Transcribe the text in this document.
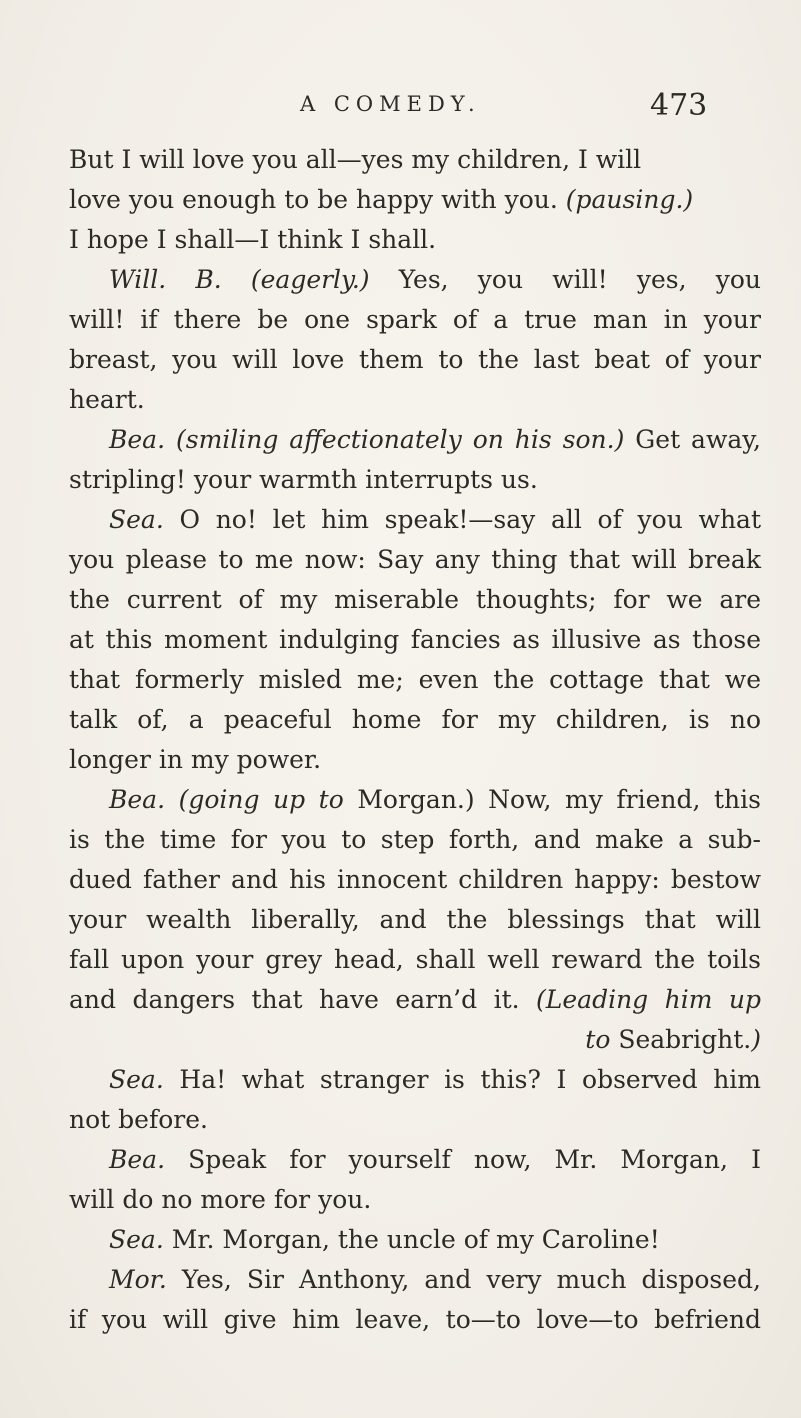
A COMEDY.	473
But I will love you all—yes my children, I will
love you enough to be happy with you. (pausing.)
I hope I shall—I think I shall.
Will. B. (eagerly.) Yes, you will! yes, you
will! if there be one spark of a true man in your
breast, you will love them to the last beat of your
heart.
Bea. (smiling affectionately on his son.) Get away,
stripling! your warmth interrupts us.
Sea. O no! let him speak!—say all of you what
you please to me now: Say any thing that will break
the current of my miserable thoughts; for we are
at this moment indulging fancies as illusive as those
that formerly misled me; even the cottage that we
talk of, a peaceful home for my children, is no
longer in my power.
Bea. (going up to Morgan.) Now, my friend, this
is the time for you to step forth, and make a sub-
dued father and his innocent children happy: bestow
your wealth liberally, and the blessings that will
fall upon your grey head, shall well reward the toils
and dangers that have earn’d it. (Leading him up
to Seabright.)
Sea. Ha! what stranger is this? I observed him
not before.
Bea. Speak for yourself now, Mr. Morgan, I
will do no more for you.
Sea. Mr. Morgan, the uncle of my Caroline!
Mor. Yes, Sir Anthony, and very much disposed,
if you will give him leave, to—to love—to befriend
